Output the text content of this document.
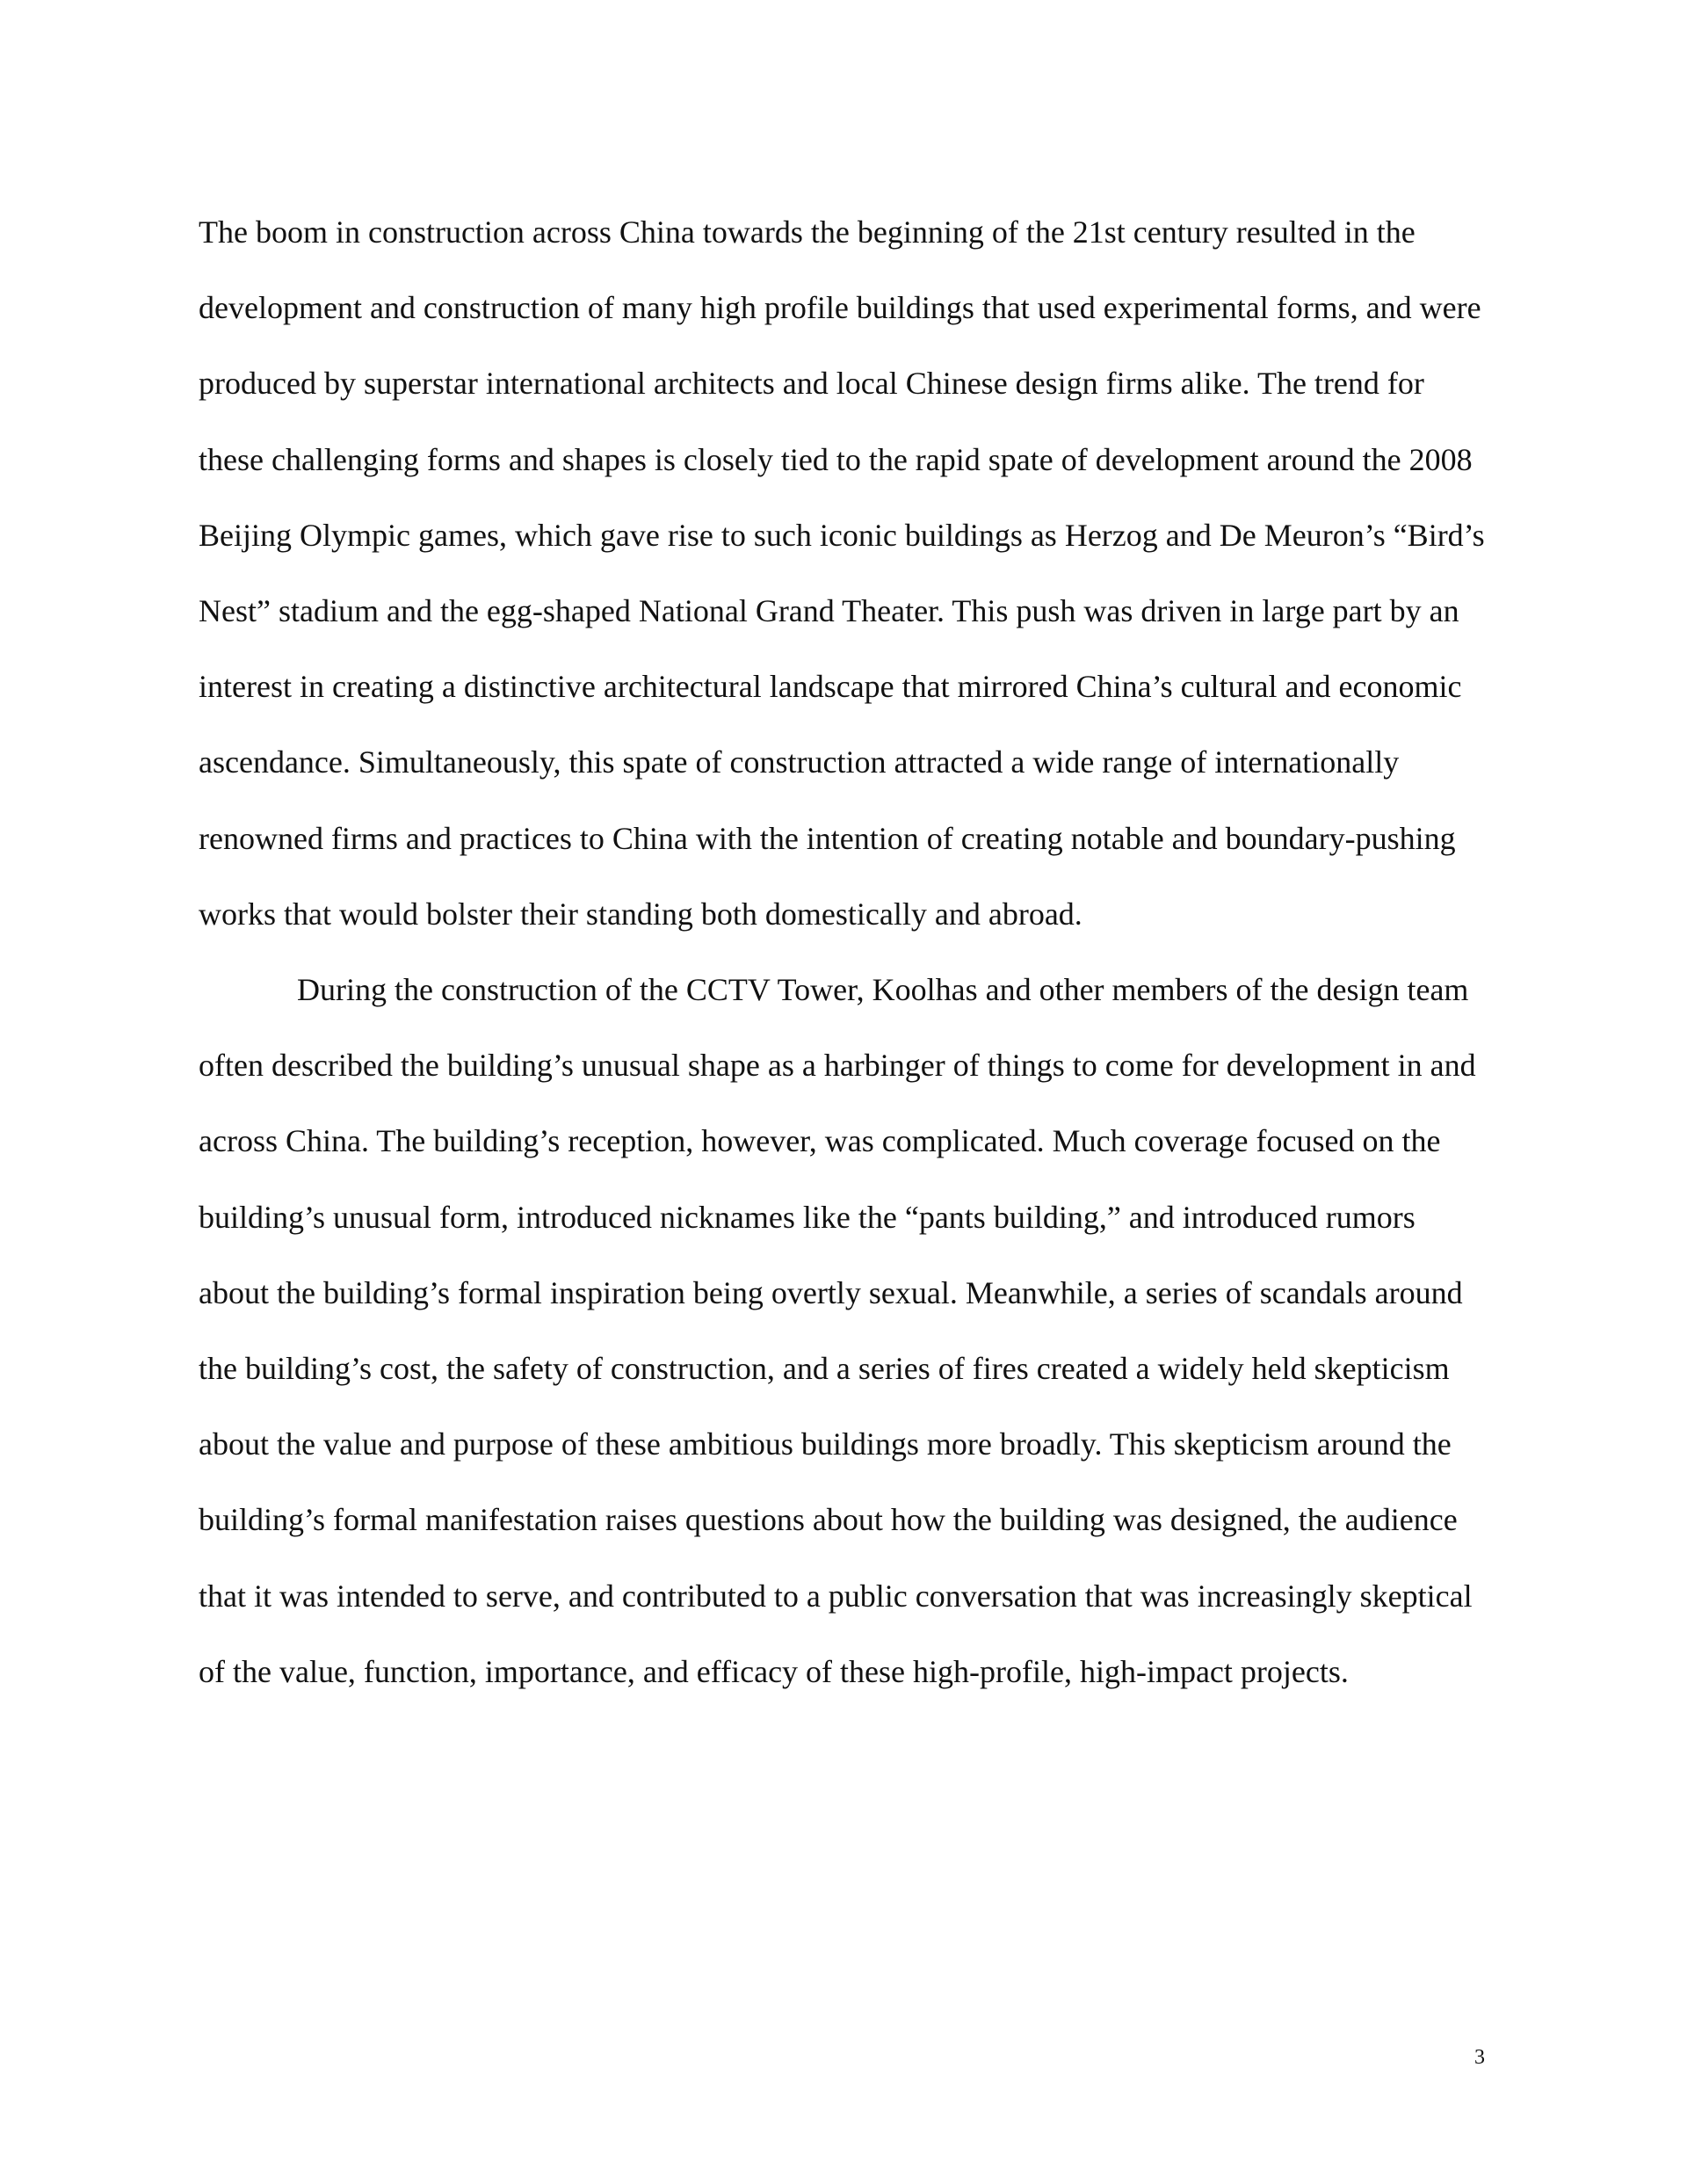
The boom in construction across China towards the beginning of the 21st century resulted in the development and construction of many high profile buildings that used experimental forms, and were produced by superstar international architects and local Chinese design firms alike. The trend for these challenging forms and shapes is closely tied to the rapid spate of development around the 2008 Beijing Olympic games, which gave rise to such iconic buildings as Herzog and De Meuron’s “Bird’s Nest” stadium and the egg-shaped National Grand Theater. This push was driven in large part by an interest in creating a distinctive architectural landscape that mirrored China’s cultural and economic ascendance. Simultaneously, this spate of construction attracted a wide range of internationally renowned firms and practices to China with the intention of creating notable and boundary-pushing works that would bolster their standing both domestically and abroad.

During the construction of the CCTV Tower, Koolhas and other members of the design team often described the building’s unusual shape as a harbinger of things to come for development in and across China. The building’s reception, however, was complicated. Much coverage focused on the building’s unusual form, introduced nicknames like the “pants building,” and introduced rumors about the building’s formal inspiration being overtly sexual. Meanwhile, a series of scandals around the building’s cost, the safety of construction, and a series of fires created a widely held skepticism about the value and purpose of these ambitious buildings more broadly. This skepticism around the building’s formal manifestation raises questions about how the building was designed, the audience that it was intended to serve, and contributed to a public conversation that was increasingly skeptical of the value, function, importance, and efficacy of these high-profile, high-impact projects.

3
